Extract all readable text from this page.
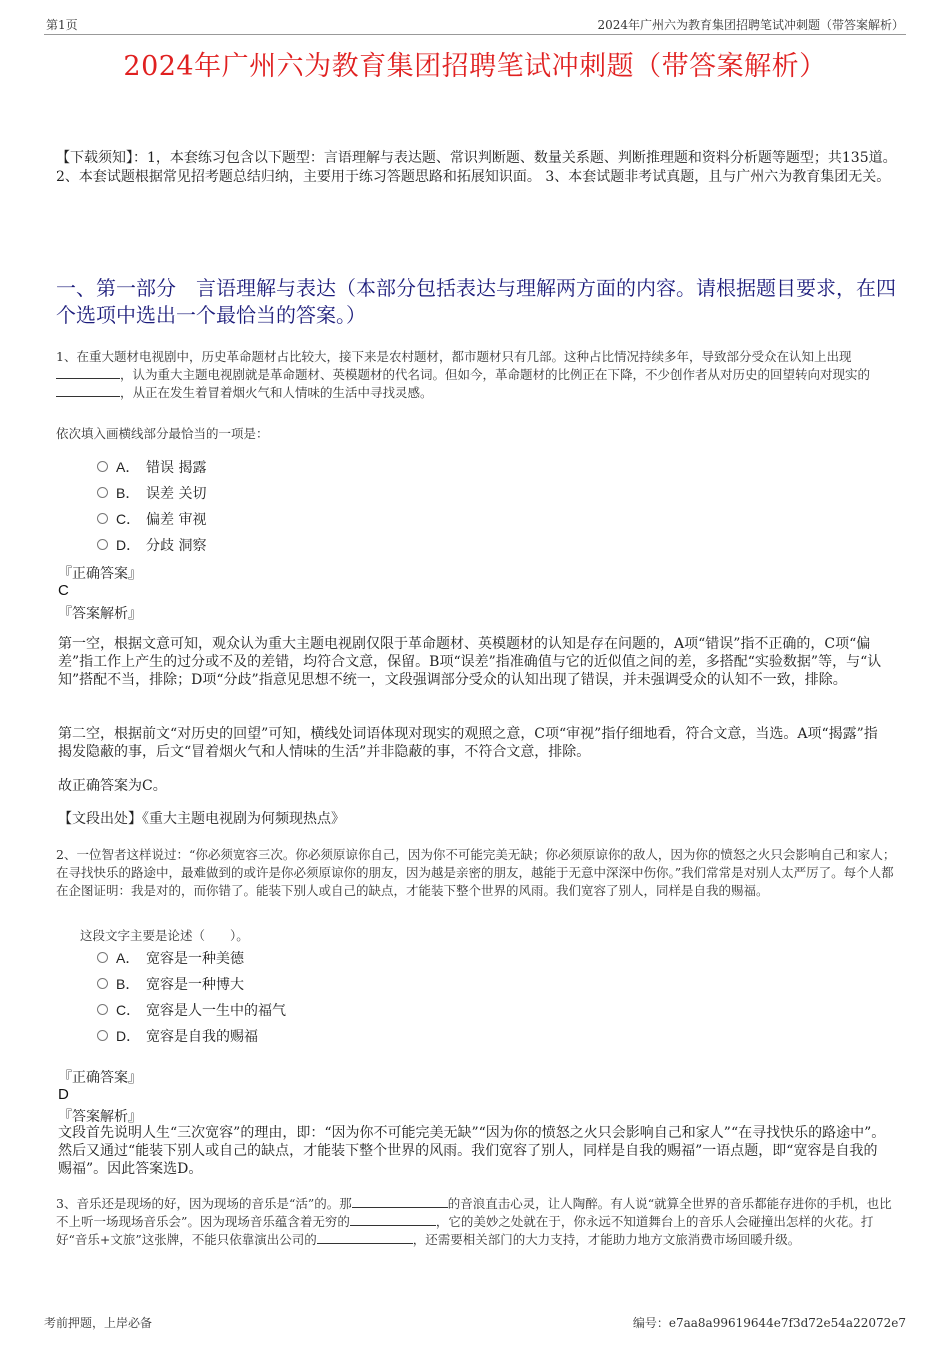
第1页	2024年广州六为教育集团招聘笔试冲刺题（带答案解析）
2024年广州六为教育集团招聘笔试冲刺题（带答案解析）
【下载须知】：1，本套练习包含以下题型：言语理解与表达题、常识判断题、数量关系题、判断推理题和资料分析题等题型；共135道。 2、本套试题根据常见招考题总结归纳，主要用于练习答题思路和拓展知识面。 3、本套试题非考试真题，且与广州六为教育集团无关。
一、第一部分　言语理解与表达（本部分包括表达与理解两方面的内容。请根据题目要求，在四个选项中选出一个最恰当的答案。）
1、在重大题材电视剧中，历史革命题材占比较大，接下来是农村题材，都市题材只有几部。这种占比情况持续多年，导致部分受众在认知上出现，认为重大主题电视剧就是革命题材、英模题材的代名词。但如今，革命题材的比例正在下降，不少创作者从对历史的回望转向对现实的，从正在发生着冒着烟火气和人情味的生活中寻找灵感。
依次填入画横线部分最恰当的一项是：
A． 错误 揭露
B． 误差 关切
C． 偏差 审视
D． 分歧 洞察
『正确答案』
C
『答案解析』
第一空，根据文意可知，观众认为重大主题电视剧仅限于革命题材、英模题材的认知是存在问题的，A项“错误”指不正确的，C项“偏差”指工作上产生的过分或不及的差错，均符合文意，保留。B项“误差”指准确值与它的近似值之间的差，多搭配“实验数据”等，与“认知”搭配不当，排除；D项“分歧”指意见思想不统一，文段强调部分受众的认知出现了错误，并未强调受众的认知不一致，排除。
第二空，根据前文“对历史的回望”可知，横线处词语体现对现实的观照之意，C项“审视”指仔细地看，符合文意，当选。A项“揭露”指揭发隐蔽的事，后文“冒着烟火气和人情味的生活”并非隐蔽的事，不符合文意，排除。
故正确答案为C。
【文段出处】《重大主题电视剧为何频现热点》
2、一位智者这样说过：“你必须宽容三次。你必须原谅你自己，因为你不可能完美无缺；你必须原谅你的敌人，因为你的愤怒之火只会影响自己和家人；在寻找快乐的路途中，最难做到的或许是你必须原谅你的朋友，因为越是亲密的朋友，越能于无意中深深中伤你。”我们常常是对别人太严厉了。每个人都在企图证明：我是对的，而你错了。能装下别人或自己的缺点，才能装下整个世界的风雨。我们宽容了别人，同样是自我的赐福。
这段文字主要是论述（　　）。
A． 宽容是一种美德
B． 宽容是一种博大
C． 宽容是人一生中的福气
D． 宽容是自我的赐福
『正确答案』
D
『答案解析』
文段首先说明人生“三次宽容”的理由，即：“因为你不可能完美无缺”“因为你的愤怒之火只会影响自己和家人”“在寻找快乐的路途中”。然后又通过“能装下别人或自己的缺点，才能装下整个世界的风雨。我们宽容了别人，同样是自我的赐福”一语点题，即“宽容是自我的赐福”。因此答案选D。
3、音乐还是现场的好，因为现场的音乐是“活”的。那	的音浪直击心灵，让人陶醉。有人说“就算全世界的音乐都能存进你的手机，也比不上听一场现场音乐会”。因为现场音乐蕴含着无穷的	，它的美妙之处就在于，你永远不知道舞台上的音乐人会碰撞出怎样的火花。打好“音乐+文旅”这张牌，不能只依靠演出公司的	，还需要相关部门的大力支持，才能助力地方文旅消费市场回暖升级。
考前押题，上岸必备	编号：e7aa8a99619644e7f3d72e54a22072e7
